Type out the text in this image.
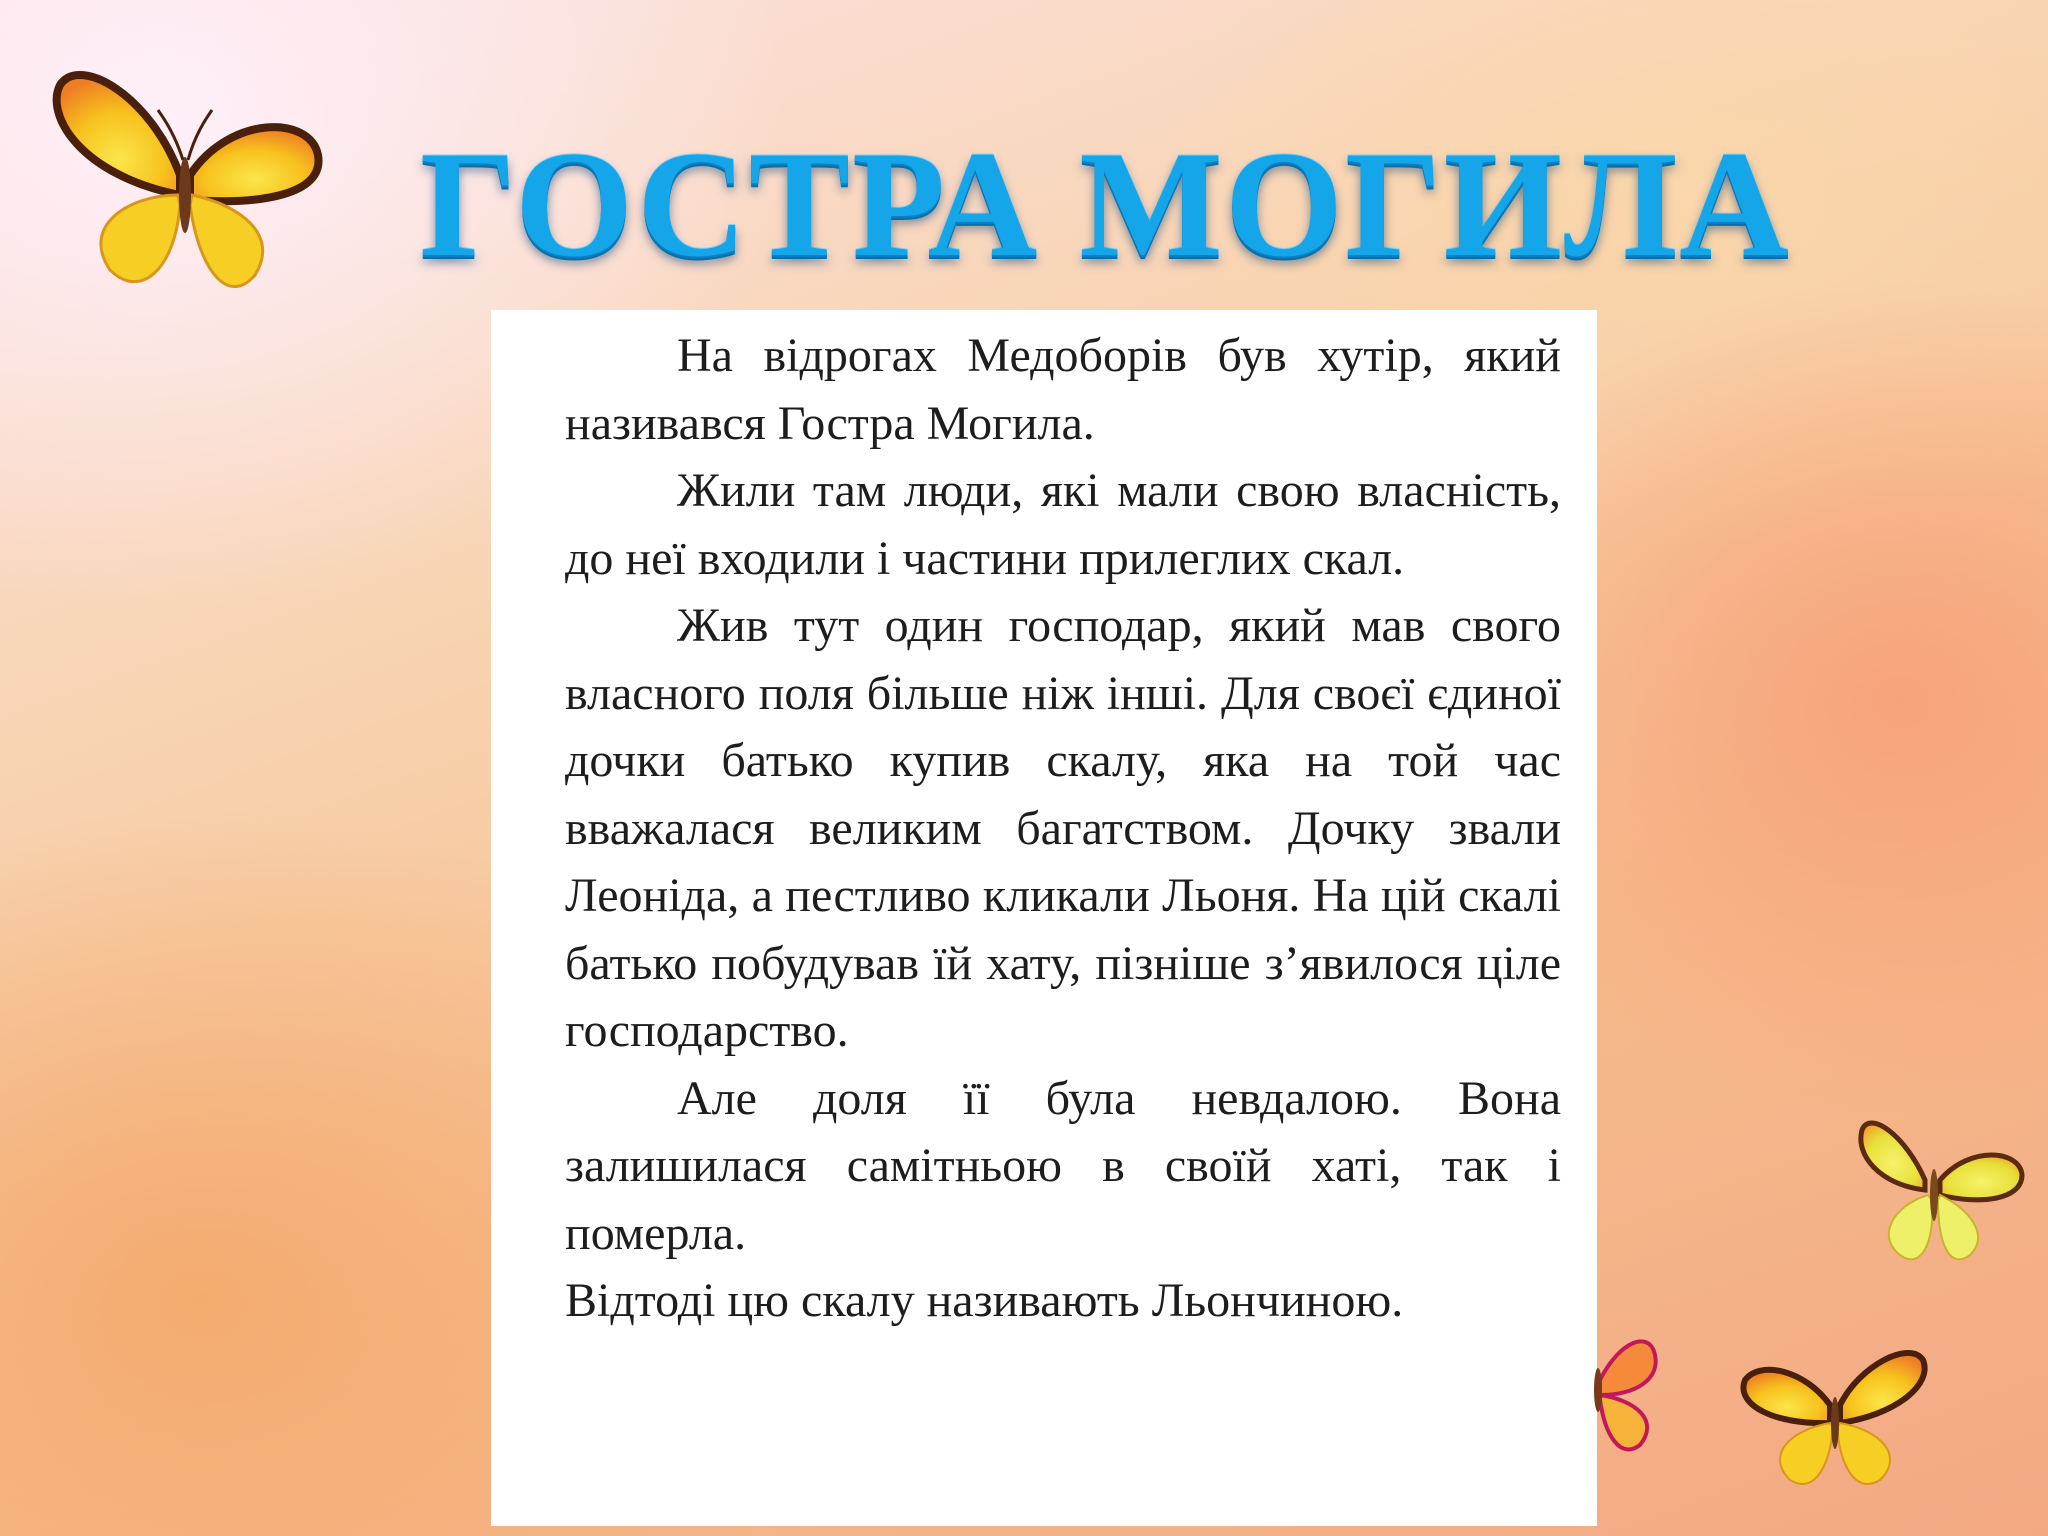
ГОСТРА МОГИЛА

На відрогах Медоборів був хутір, який називався Гостра Могила.

Жили там люди, які мали свою власність, до неї входили і частини прилеглих скал.

Жив тут один господар, який мав свого власного поля більше ніж інші. Для своєї єдиної дочки батько купив скалу, яка на той час вважалася великим багатством. Дочку звали Леоніда, а пестливо кликали Льоня. На цій скалі батько побудував їй хату, пізніше з’явилося ціле господарство.

Але доля її була невдалою. Вона залишилася самітньою в своїй хаті, так і померла.

Відтоді цю скалу називають Льончиною.
